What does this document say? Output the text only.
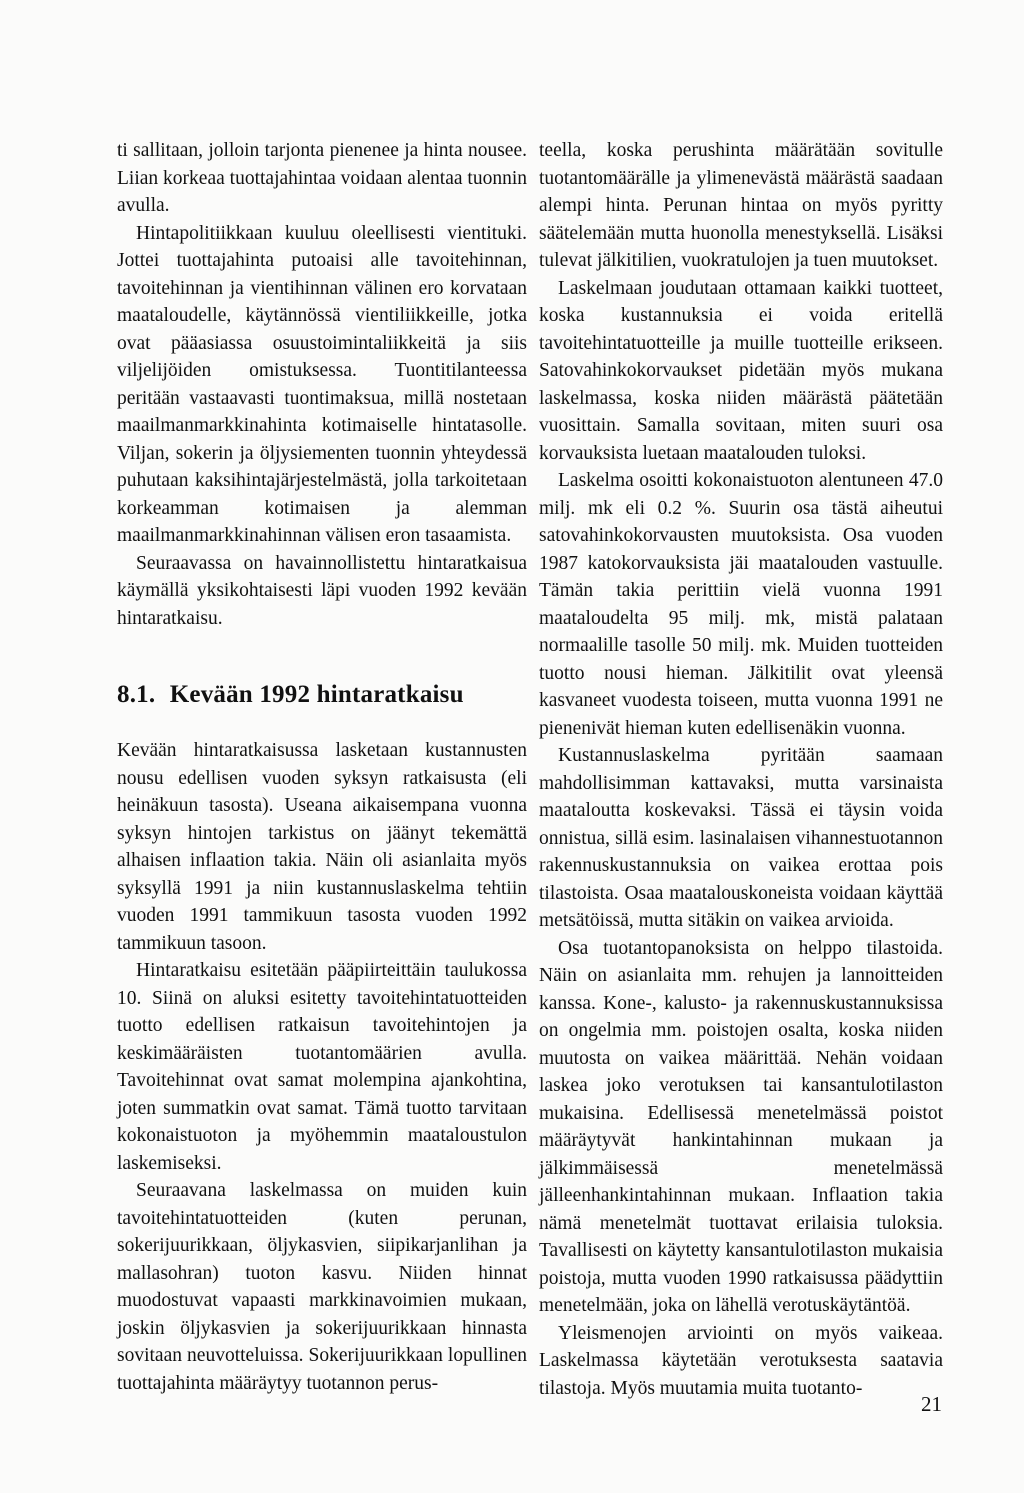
ti sallitaan, jolloin tarjonta pienenee ja hinta nousee. Liian korkeaa tuottajahintaa voidaan alentaa tuonnin avulla.

Hintapolitiikkaan kuuluu oleellisesti vientituki. Jottei tuottajahinta putoaisi alle tavoitehinnan, tavoitehinnan ja vientihinnan välinen ero korvataan maataloudelle, käytännössä vientiliikkeille, jotka ovat pääasiassa osuustoimintaliikkeitä ja siis viljelijöiden omistuksessa. Tuontitilanteessa peritään vastaavasti tuontimaksua, millä nostetaan maailmanmarkkinahinta kotimaiselle hintatasolle. Viljan, sokerin ja öljysiementen tuonnin yhteydessä puhutaan kaksihintajärjestelmästä, jolla tarkoitetaan korkeamman kotimaisen ja alemman maailmanmarkkinahinnan välisen eron tasaamista.

Seuraavassa on havainnollistettu hintaratkaisua käymällä yksikohtaisesti läpi vuoden 1992 kevään hintaratkaisu.

8.1. Kevään 1992 hintaratkaisu

Kevään hintaratkaisussa lasketaan kustannusten nousu edellisen vuoden syksyn ratkaisusta (eli heinäkuun tasosta). Useana aikaisempana vuonna syksyn hintojen tarkistus on jäänyt tekemättä alhaisen inflaation takia. Näin oli asianlaita myös syksyllä 1991 ja niin kustannuslaskelma tehtiin vuoden 1991 tammikuun tasosta vuoden 1992 tammikuun tasoon.

Hintaratkaisu esitetään pääpiirteittäin taulukossa 10. Siinä on aluksi esitetty tavoitehintatuotteiden tuotto edellisen ratkaisun tavoitehintojen ja keskimääräisten tuotantomäärien avulla. Tavoitehinnat ovat samat molempina ajankohtina, joten summatkin ovat samat. Tämä tuotto tarvitaan kokonaistuoton ja myöhemmin maataloustulon laskemiseksi.

Seuraavana laskelmassa on muiden kuin tavoitehintatuotteiden (kuten perunan, sokerijuurikkaan, öljykasvien, siipikarjanlihan ja mallasohran) tuoton kasvu. Niiden hinnat muodostuvat vapaasti markkinavoimien mukaan, joskin öljykasvien ja sokerijuurikkaan hinnasta sovitaan neuvotteluissa. Sokerijuurikkaan lopullinen tuottajahinta määräytyy tuotannon perus-

teella, koska perushinta määrätään sovitulle tuotantomäärälle ja ylimenevästä määrästä saadaan alempi hinta. Perunan hintaa on myös pyritty säätelemään mutta huonolla menestyksellä. Lisäksi tulevat jälkitilien, vuokratulojen ja tuen muutokset.

Laskelmaan joudutaan ottamaan kaikki tuotteet, koska kustannuksia ei voida eritellä tavoitehintatuotteille ja muille tuotteille erikseen. Satovahinkokorvaukset pidetään myös mukana laskelmassa, koska niiden määrästä päätetään vuosittain. Samalla sovitaan, miten suuri osa korvauksista luetaan maatalouden tuloksi.

Laskelma osoitti kokonaistuoton alentuneen 47.0 milj. mk eli 0.2 %. Suurin osa tästä aiheutui satovahinkokorvausten muutoksista. Osa vuoden 1987 katokorvauksista jäi maatalouden vastuulle. Tämän takia perittiin vielä vuonna 1991 maataloudelta 95 milj. mk, mistä palataan normaalille tasolle 50 milj. mk. Muiden tuotteiden tuotto nousi hieman. Jälkitilit ovat yleensä kasvaneet vuodesta toiseen, mutta vuonna 1991 ne pienenivät hieman kuten edellisenäkin vuonna.

Kustannuslaskelma pyritään saamaan mahdollisimman kattavaksi, mutta varsinaista maataloutta koskevaksi. Tässä ei täysin voida onnistua, sillä esim. lasinalaisen vihannestuotannon rakennuskustannuksia on vaikea erottaa pois tilastoista. Osaa maatalouskoneista voidaan käyttää metsätöissä, mutta sitäkin on vaikea arvioida.

Osa tuotantopanoksista on helppo tilastoida. Näin on asianlaita mm. rehujen ja lannoitteiden kanssa. Kone-, kalusto- ja rakennuskustannuksissa on ongelmia mm. poistojen osalta, koska niiden muutosta on vaikea määrittää. Nehän voidaan laskea joko verotuksen tai kansantulotilaston mukaisina. Edellisessä menetelmässä poistot määräytyvät hankintahinnan mukaan ja jälkimmäisessä menetelmässä jälleenhankintahinnan mukaan. Inflaation takia nämä menetelmät tuottavat erilaisia tuloksia. Tavallisesti on käytetty kansantulotilaston mukaisia poistoja, mutta vuoden 1990 ratkaisussa päädyttiin menetelmään, joka on lähellä verotuskäytäntöä.

Yleismenojen arviointi on myös vaikeaa. Laskelmassa käytetään verotuksesta saatavia tilastoja. Myös muutamia muita tuotanto-

21
